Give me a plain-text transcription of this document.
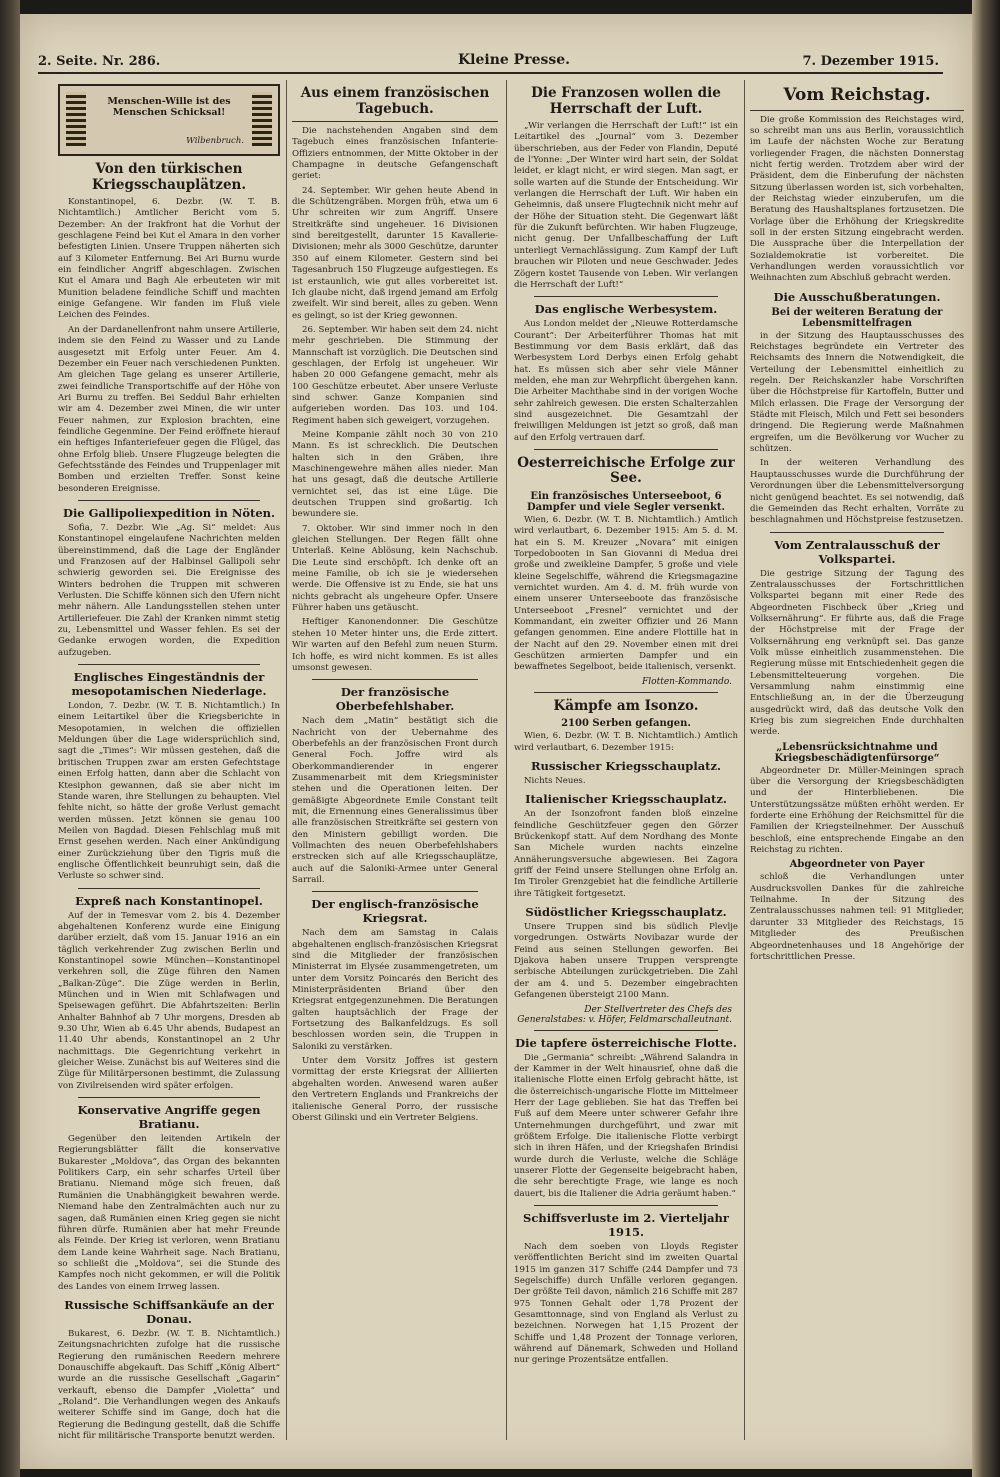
2. Seite. Nr. 286.	Kleine Presse.	7. Dezember 1915.
Menschen-Wille ist des Menschen Schicksal!
Wilbenbruch.
Von den türkischen Kriegsschauplätzen.

Konstantinopel, 6. Dezbr. (W. T. B. Nichtamtlich.) Amtlicher Bericht vom 5. Dezember: An der Irakfront hat die Vorhut der geschlagene Feind bei Kut el Amara in den vorher befestigten Linien. Unsere Truppen näherten sich auf 3 Kilometer Entfernung. Bei Ari Burnu wurde ein feindlicher Angriff abgeschlagen. Zwischen Kut el Amara und Bagh Ale erbeuteten wir mit Munition beladene feindliche Schiff und machten einige Gefangene. Wir fanden im Fluß viele Leichen des Feindes.

An der Dardanellenfront nahm unsere Artillerie, indem sie den Feind zu Wasser und zu Lande ausgesetzt mit Erfolg unter Feuer. Am 4. Dezember ein Feuer nach verschiedenen Punkten. Am gleichen Tage gelang es unserer Artillerie, zwei feindliche Transportschiffe auf der Höhe von Ari Burnu zu treffen. Bei Seddul Bahr erhielten wir am 4. Dezember zwei Minen, die wir unter Feuer nahmen, zur Explosion brachten, eine feindliche Gegenmine. Der Feind eröffnete hierauf ein heftiges Infanteriefeuer gegen die Flügel, das ohne Erfolg blieb. Unsere Flugzeuge belegten die Gefechtsstände des Feindes und Truppenlager mit Bomben und erzielten Treffer. Sonst keine besonderen Ereignisse.

Die Gallipoliexpedition in Nöten.

Sofia, 7. Dezbr. Wie „Ag. Si“ meldet: Aus Konstantinopel eingelaufene Nachrichten melden übereinstimmend, daß die Lage der Engländer und Franzosen auf der Halbinsel Gallipoli sehr schwierig geworden sei. Die Ereignisse des Winters bedrohen die Truppen mit schweren Verlusten. Die Schiffe können sich den Ufern nicht mehr nähern. Alle Landungsstellen stehen unter Artilleriefeuer. Die Zahl der Kranken nimmt stetig zu, Lebensmittel und Wasser fehlen. Es sei der Gedanke erwogen worden, die Expedition aufzugeben.

Englisches Eingeständnis der mesopotamischen Niederlage.

London, 7. Dezbr. (W. T. B. Nichtamtlich.) In einem Leitartikel über die Kriegsberichte in Mesopotamien, in welchen die offiziellen Meldungen über die Lage widersprüchlich sind, sagt die „Times“: Wir müssen gestehen, daß die britischen Truppen zwar am ersten Gefechtstage einen Erfolg hatten, dann aber die Schlacht von Ktesiphon gewannen, daß sie aber nicht im Stande waren, ihre Stellungen zu behaupten. Viel fehlte nicht, so hätte der große Verlust gemacht werden müssen. Jetzt können sie genau 100 Meilen von Bagdad. Diesen Fehlschlag muß mit Ernst gesehen werden. Nach einer Ankündigung einer Zurückziehung über den Tigris muß die englische Öffentlichkeit beunruhigt sein, daß die Verluste so schwer sind.

Expreß nach Konstantinopel.

Auf der in Temesvar vom 2. bis 4. Dezember abgehaltenen Konferenz wurde eine Einigung darüber erzielt, daß vom 15. Januar 1916 an ein täglich verkehrender Zug zwischen Berlin und Konstantinopel sowie München—Konstantinopel verkehren soll, die Züge führen den Namen „Balkan-Züge“. Die Züge werden in Berlin, München und in Wien mit Schlafwagen und Speisewagen geführt. Die Abfahrtszeiten: Berlin Anhalter Bahnhof ab 7 Uhr morgens, Dresden ab 9.30 Uhr, Wien ab 6.45 Uhr abends, Budapest an 11.40 Uhr abends, Konstantinopel an 2 Uhr nachmittags. Die Gegenrichtung verkehrt in gleicher Weise. Zunächst bis auf Weiteres sind die Züge für Militärpersonen bestimmt, die Zulassung von Zivilreisenden wird später erfolgen.

Konservative Angriffe gegen Bratianu.

Gegenüber den leitenden Artikeln der Regierungsblätter fällt die konservative Bukarester „Moldova“, das Organ des bekannten Politikers Carp, ein sehr scharfes Urteil über Bratianu. Niemand möge sich freuen, daß Rumänien die Unabhängigkeit bewahren werde. Niemand habe den Zentralmächten auch nur zu sagen, daß Rumänien einen Krieg gegen sie nicht führen dürfe. Rumänien aber hat mehr Freunde als Feinde. Der Krieg ist verloren, wenn Bratianu dem Lande keine Wahrheit sage. Nach Bratianu, so schließt die „Moldova“, sei die Stunde des Kampfes noch nicht gekommen, er will die Politik des Landes von einem Irrweg lassen.

Russische Schiffsankäufe an der Donau.

Bukarest, 6. Dezbr. (W. T. B. Nichtamtlich.) Zeitungsnachrichten zufolge hat die russische Regierung den rumänischen Reedern mehrere Donauschiffe abgekauft. Das Schiff „König Albert“ wurde an die russische Gesellschaft „Gagarin“ verkauft, ebenso die Dampfer „Violetta“ und „Roland“. Die Verhandlungen wegen des Ankaufs weiterer Schiffe sind im Gange, doch hat die Regierung die Bedingung gestellt, daß die Schiffe nicht für militärische Transporte benutzt werden.

Aus einem französischen Tagebuch.

Die nachstehenden Angaben sind dem Tagebuch eines französischen Infanterie-Offiziers entnommen, der Mitte Oktober in der Champagne in deutsche Gefangenschaft geriet:

24. September. Wir gehen heute Abend in die Schützengräben. Morgen früh, etwa um 6 Uhr schreiten wir zum Angriff. Unsere Streitkräfte sind ungeheuer. 16 Divisionen sind bereitgestellt, darunter 15 Kavallerie-Divisionen; mehr als 3000 Geschütze, darunter 350 auf einem Kilometer. Gestern sind bei Tagesanbruch 150 Flugzeuge aufgestiegen. Es ist erstaunlich, wie gut alles vorbereitet ist. Ich glaube nicht, daß irgend jemand am Erfolg zweifelt. Wir sind bereit, alles zu geben. Wenn es gelingt, so ist der Krieg gewonnen.

26. September. Wir haben seit dem 24. nicht mehr geschrieben. Die Stimmung der Mannschaft ist vorzüglich. Die Deutschen sind geschlagen, der Erfolg ist ungeheuer. Wir haben 20 000 Gefangene gemacht, mehr als 100 Geschütze erbeutet. Aber unsere Verluste sind schwer. Ganze Kompanien sind aufgerieben worden. Das 103. und 104. Regiment haben sich geweigert, vorzugehen.

Meine Kompanie zählt noch 30 von 210 Mann. Es ist schrecklich. Die Deutschen halten sich in den Gräben, ihre Maschinengewehre mähen alles nieder. Man hat uns gesagt, daß die deutsche Artillerie vernichtet sei, das ist eine Lüge. Die deutschen Truppen sind großartig. Ich bewundere sie.

7. Oktober. Wir sind immer noch in den gleichen Stellungen. Der Regen fällt ohne Unterlaß. Keine Ablösung, kein Nachschub. Die Leute sind erschöpft. Ich denke oft an meine Familie, ob ich sie je wiedersehen werde. Die Offensive ist zu Ende, sie hat uns nichts gebracht als ungeheure Opfer. Unsere Führer haben uns getäuscht.

Heftiger Kanonendonner. Die Geschütze stehen 10 Meter hinter uns, die Erde zittert. Wir warten auf den Befehl zum neuen Sturm. Ich hoffe, es wird nicht kommen. Es ist alles umsonst gewesen.

Der französische Oberbefehlshaber.

Nach dem „Matin“ bestätigt sich die Nachricht von der Uebernahme des Oberbefehls an der französischen Front durch General Foch. Joffre wird als Oberkommandierender in engerer Zusammenarbeit mit dem Kriegsminister stehen und die Operationen leiten. Der gemäßigte Abgeordnete Emile Constant teilt mit, die Ernennung eines Generalissimus über alle französischen Streitkräfte sei gestern von den Ministern gebilligt worden. Die Vollmachten des neuen Oberbefehlshabers erstrecken sich auf alle Kriegsschauplätze, auch auf die Saloniki-Armee unter General Sarrail.

Der englisch-französische Kriegsrat.

Nach dem am Samstag in Calais abgehaltenen englisch-französischen Kriegsrat sind die Mitglieder der französischen Ministerrat im Elysée zusammengetreten, um unter dem Vorsitz Poincarés den Bericht des Ministerpräsidenten Briand über den Kriegsrat entgegenzunehmen. Die Beratungen galten hauptsächlich der Frage der Fortsetzung des Balkanfeldzugs. Es soll beschlossen worden sein, die Truppen in Saloniki zu verstärken.

Unter dem Vorsitz Joffres ist gestern vormittag der erste Kriegsrat der Alliierten abgehalten worden. Anwesend waren außer den Vertretern Englands und Frankreichs der italienische General Porro, der russische Oberst Gilinski und ein Vertreter Belgiens.

Die Franzosen wollen die Herrschaft der Luft.

„Wir verlangen die Herrschaft der Luft!“ ist ein Leitartikel des „Journal“ vom 3. Dezember überschrieben, aus der Feder von Flandin, Deputé de l'Yonne: „Der Winter wird hart sein, der Soldat leidet, er klagt nicht, er wird siegen. Man sagt, er solle warten auf die Stunde der Entscheidung. Wir verlangen die Herrschaft der Luft. Wir haben ein Geheimnis, daß unsere Flugtechnik nicht mehr auf der Höhe der Situation steht. Die Gegenwart läßt für die Zukunft befürchten. Wir haben Flugzeuge, nicht genug. Der Unfallbeschaffung der Luft unterliegt Vernachlässigung. Zum Kampf der Luft brauchen wir Piloten und neue Geschwader. Jedes Zögern kostet Tausende von Leben. Wir verlangen die Herrschaft der Luft!“

Das englische Werbesystem.

Aus London meldet der „Nieuwe Rotterdamsche Courant“: Der Arbeiterführer Thomas hat mit Bestimmung vor dem Basis erklärt, daß das Werbesystem Lord Derbys einen Erfolg gehabt hat. Es müssen sich aber sehr viele Männer melden, ehe man zur Wehrpflicht übergehen kann. Die Arbeiter Machthabe sind in der vorigen Woche sehr zahlreich gewesen. Die ersten Schalterzahlen sind ausgezeichnet. Die Gesamtzahl der freiwilligen Meldungen ist jetzt so groß, daß man auf den Erfolg vertrauen darf.

Oesterreichische Erfolge zur See.
Ein französisches Unterseeboot, 6 Dampfer und viele Segler versenkt.

Wien, 6. Dezbr. (W. T. B. Nichtamtlich.) Amtlich wird verlautbart, 6. Dezember 1915: Am 5. d. M. hat ein S. M. Kreuzer „Novara“ mit einigen Torpedobooten in San Giovanni di Medua drei große und zweikleine Dampfer, 5 große und viele kleine Segelschiffe, während die Kriegsmagazine vernichtet wurden. Am 4. d. M. früh wurde von einem unserer Unterseeboote das französische Unterseeboot „Fresnel“ vernichtet und der Kommandant, ein zweiter Offizier und 26 Mann gefangen genommen. Eine andere Flottille hat in der Nacht auf den 29. November einen mit drei Geschützen armierten Dampfer und ein bewaffnetes Segelboot, beide italienisch, versenkt.

Flotten-Kommando.
Kämpfe am Isonzo.
2100 Serben gefangen.

Wien, 6. Dezbr. (W. T. B. Nichtamtlich.) Amtlich wird verlautbart, 6. Dezember 1915:

Russischer Kriegsschauplatz.

Nichts Neues.

Italienischer Kriegsschauplatz.

An der Isonzofront fanden bloß einzelne feindliche Geschützfeuer gegen den Görzer Brückenkopf statt. Auf dem Nordhang des Monte San Michele wurden nachts einzelne Annäherungsversuche abgewiesen. Bei Zagora griff der Feind unsere Stellungen ohne Erfolg an. Im Tiroler Grenzgebiet hat die feindliche Artillerie ihre Tätigkeit fortgesetzt.

Südöstlicher Kriegsschauplatz.

Unsere Truppen sind bis südlich Plevlje vorgedrungen. Ostwärts Novibazar wurde der Feind aus seinen Stellungen geworfen. Bei Djakova haben unsere Truppen versprengte serbische Abteilungen zurückgetrieben. Die Zahl der am 4. und 5. Dezember eingebrachten Gefangenen übersteigt 2100 Mann.

Der Stellvertreter des Chefs des Generalstabes: v. Höfer, Feldmarschalleutnant.
Die tapfere österreichische Flotte.

Die „Germania“ schreibt: „Während Salandra in der Kammer in der Welt hinausrief, ohne daß die italienische Flotte einen Erfolg gebracht hätte, ist die österreichisch-ungarische Flotte im Mittelmeer Herr der Lage geblieben. Sie hat das Treffen bei Fuß auf dem Meere unter schwerer Gefahr ihre Unternehmungen durchgeführt, und zwar mit größtem Erfolge. Die italienische Flotte verbirgt sich in ihren Häfen, und der Kriegshafen Brindisi wurde durch die Verluste, welche die Schläge unserer Flotte der Gegenseite beigebracht haben, die sehr berechtigte Frage, wie lange es noch dauert, bis die Italiener die Adria geräumt haben.“

Schiffsverluste im 2. Vierteljahr 1915.

Nach dem soeben von Lloyds Register veröffentlichten Bericht sind im zweiten Quartal 1915 im ganzen 317 Schiffe (244 Dampfer und 73 Segelschiffe) durch Unfälle verloren gegangen. Der größte Teil davon, nämlich 216 Schiffe mit 287 975 Tonnen Gehalt oder 1,78 Prozent der Gesamttonnage, sind von England als Verlust zu bezeichnen. Norwegen hat 1,15 Prozent der Schiffe und 1,48 Prozent der Tonnage verloren, während auf Dänemark, Schweden und Holland nur geringe Prozentsätze entfallen.

Vom Reichstag.

Die große Kommission des Reichstages wird, so schreibt man uns aus Berlin, voraussichtlich im Laufe der nächsten Woche zur Beratung vorliegender Fragen, die nächsten Donnerstag nicht fertig werden. Trotzdem aber wird der Präsident, dem die Einberufung der nächsten Sitzung überlassen worden ist, sich vorbehalten, der Reichstag wieder einzuberufen, um die Beratung des Haushaltsplanes fortzusetzen. Die Vorlage über die Erhöhung der Kriegskredite soll in der ersten Sitzung eingebracht werden. Die Aussprache über die Interpellation der Sozialdemokratie ist vorbereitet. Die Verhandlungen werden voraussichtlich vor Weihnachten zum Abschluß gebracht werden.

Die Ausschußberatungen.
Bei der weiteren Beratung der Lebensmittelfragen

in der Sitzung des Hauptausschusses des Reichstages begründete ein Vertreter des Reichsamts des Innern die Notwendigkeit, die Verteilung der Lebensmittel einheitlich zu regeln. Der Reichskanzler habe Vorschriften über die Höchstpreise für Kartoffeln, Butter und Milch erlassen. Die Frage der Versorgung der Städte mit Fleisch, Milch und Fett sei besonders dringend. Die Regierung werde Maßnahmen ergreifen, um die Bevölkerung vor Wucher zu schützen.

In der weiteren Verhandlung des Hauptausschusses wurde die Durchführung der Verordnungen über die Lebensmittelversorgung nicht genügend beachtet. Es sei notwendig, daß die Gemeinden das Recht erhalten, Vorräte zu beschlagnahmen und Höchstpreise festzusetzen.

Vom Zentralausschuß der Volkspartei.

Die gestrige Sitzung der Tagung des Zentralausschusses der Fortschrittlichen Volkspartei begann mit einer Rede des Abgeordneten Fischbeck über „Krieg und Volksernährung“. Er führte aus, daß die Frage der Höchstpreise mit der Frage der Volksernährung eng verknüpft sei. Das ganze Volk müsse einheitlich zusammenstehen. Die Regierung müsse mit Entschiedenheit gegen die Lebensmittelteuerung vorgehen. Die Versammlung nahm einstimmig eine Entschließung an, in der die Überzeugung ausgedrückt wird, daß das deutsche Volk den Krieg bis zum siegreichen Ende durchhalten werde.

„Lebensrücksichtnahme und Kriegsbeschädigtenfürsorge“

Abgeordneter Dr. Müller-Meiningen sprach über die Versorgung der Kriegsbeschädigten und der Hinterbliebenen. Die Unterstützungssätze müßten erhöht werden. Er forderte eine Erhöhung der Reichsmittel für die Familien der Kriegsteilnehmer. Der Ausschuß beschloß, eine entsprechende Eingabe an den Reichstag zu richten.

Abgeordneter von Payer

schloß die Verhandlungen unter Ausdrucksvollen Dankes für die zahlreiche Teilnahme. In der Sitzung des Zentralausschusses nahmen teil: 91 Mitglieder, darunter 33 Mitglieder des Reichstags, 15 Mitglieder des Preußischen Abgeordnetenhauses und 18 Angehörige der fortschrittlichen Presse.
